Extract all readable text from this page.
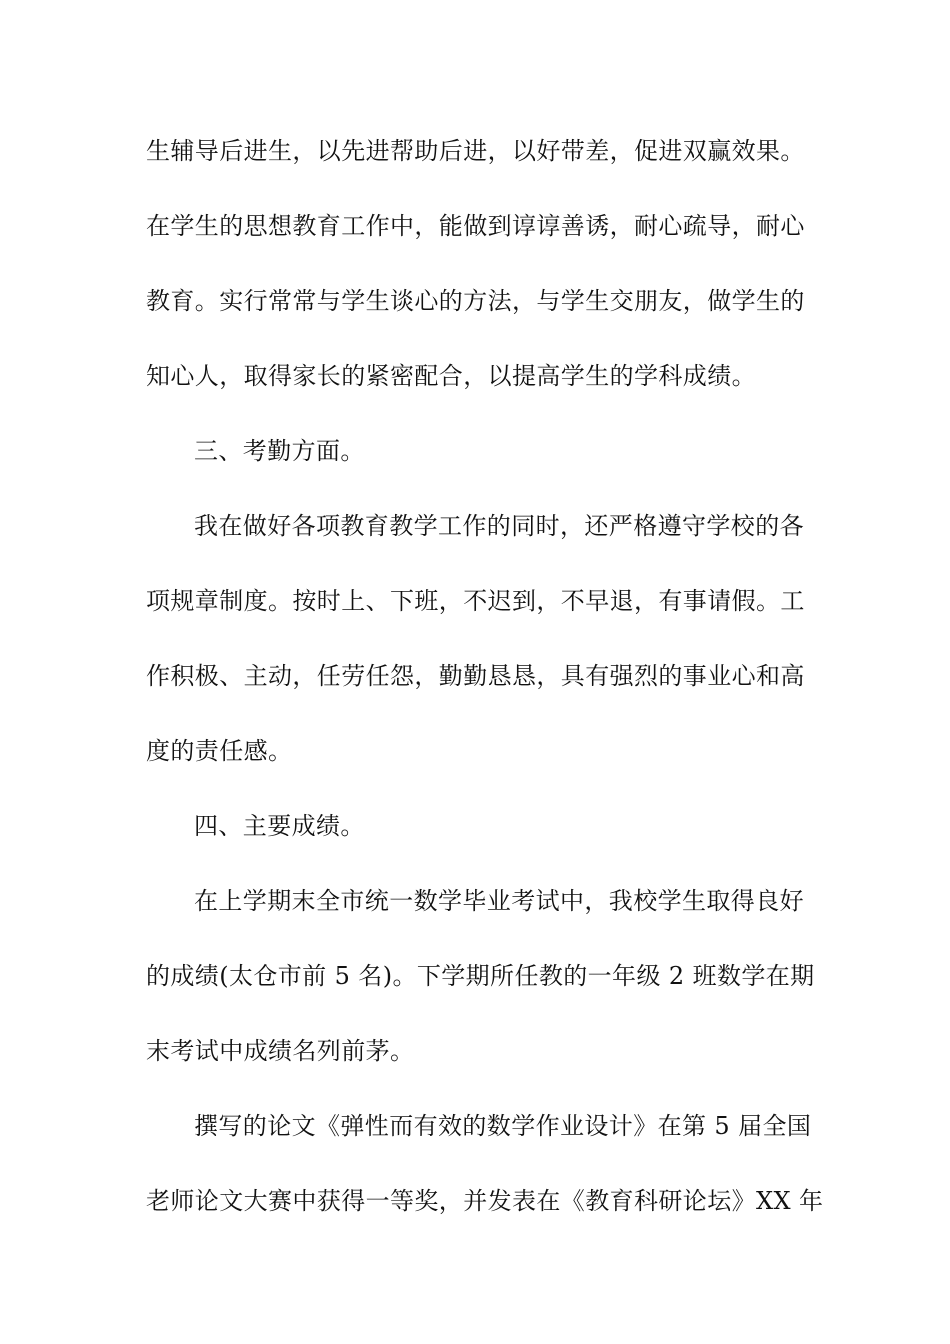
生辅导后进生，以先进帮助后进，以好带差，促进双赢效果。
在学生的思想教育工作中，能做到谆谆善诱，耐心疏导，耐心
教育。实行常常与学生谈心的方法，与学生交朋友，做学生的
知心人，取得家长的紧密配合，以提高学生的学科成绩。
三、考勤方面。
我在做好各项教育教学工作的同时，还严格遵守学校的各
项规章制度。按时上、下班，不迟到，不早退，有事请假。工
作积极、主动，任劳任怨，勤勤恳恳，具有强烈的事业心和高
度的责任感。
四、主要成绩。
在上学期末全市统一数学毕业考试中，我校学生取得良好
的成绩(太仓市前 5 名)。下学期所任教的一年级 2 班数学在期
末考试中成绩名列前茅。
撰写的论文《弹性而有效的数学作业设计》在第 5 届全国
老师论文大赛中获得一等奖，并发表在《教育科研论坛》XX 年
